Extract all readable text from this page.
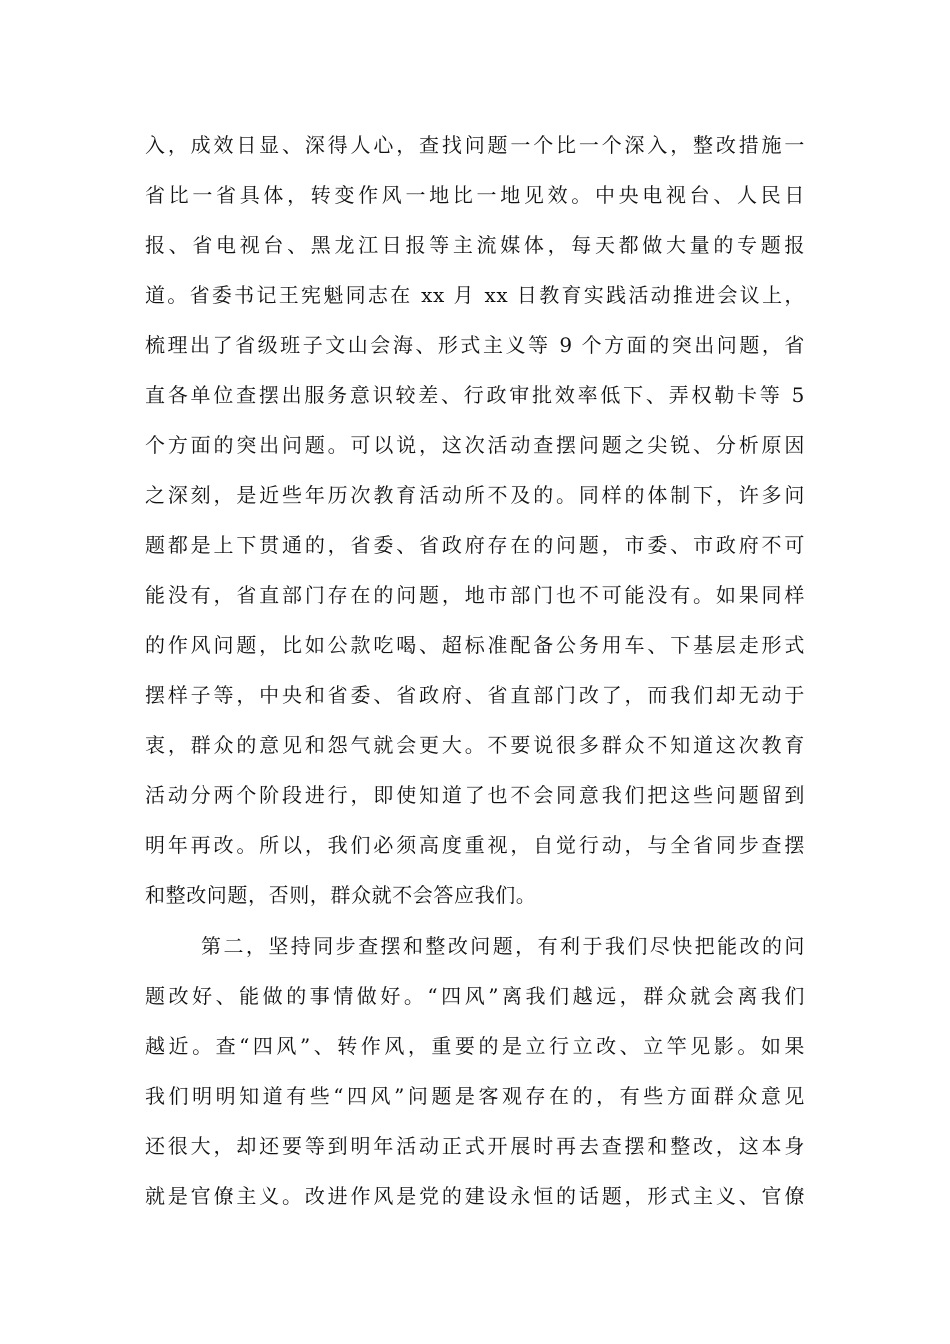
入，成效日显、深得人心，查找问题一个比一个深入，整改措施一
省比一省具体，转变作风一地比一地见效。中央电视台、人民日
报、省电视台、黑龙江日报等主流媒体，每天都做大量的专题报
道。省委书记王宪魁同志在 xx 月 xx 日教育实践活动推进会议上，
梳理出了省级班子文山会海、形式主义等 9 个方面的突出问题，省
直各单位查摆出服务意识较差、行政审批效率低下、弄权勒卡等 5
个方面的突出问题。可以说，这次活动查摆问题之尖锐、分析原因
之深刻，是近些年历次教育活动所不及的。同样的体制下，许多问
题都是上下贯通的，省委、省政府存在的问题，市委、市政府不可
能没有，省直部门存在的问题，地市部门也不可能没有。如果同样
的作风问题，比如公款吃喝、超标准配备公务用车、下基层走形式
摆样子等，中央和省委、省政府、省直部门改了，而我们却无动于
衷，群众的意见和怨气就会更大。不要说很多群众不知道这次教育
活动分两个阶段进行，即使知道了也不会同意我们把这些问题留到
明年再改。所以，我们必须高度重视，自觉行动，与全省同步查摆
和整改问题，否则，群众就不会答应我们。
第二，坚持同步查摆和整改问题，有利于我们尽快把能改的问
题改好、能做的事情做好。“四风”离我们越远，群众就会离我们
越近。查“四风”、转作风，重要的是立行立改、立竿见影。如果
我们明明知道有些“四风”问题是客观存在的，有些方面群众意见
还很大，却还要等到明年活动正式开展时再去查摆和整改，这本身
就是官僚主义。改进作风是党的建设永恒的话题，形式主义、官僚
